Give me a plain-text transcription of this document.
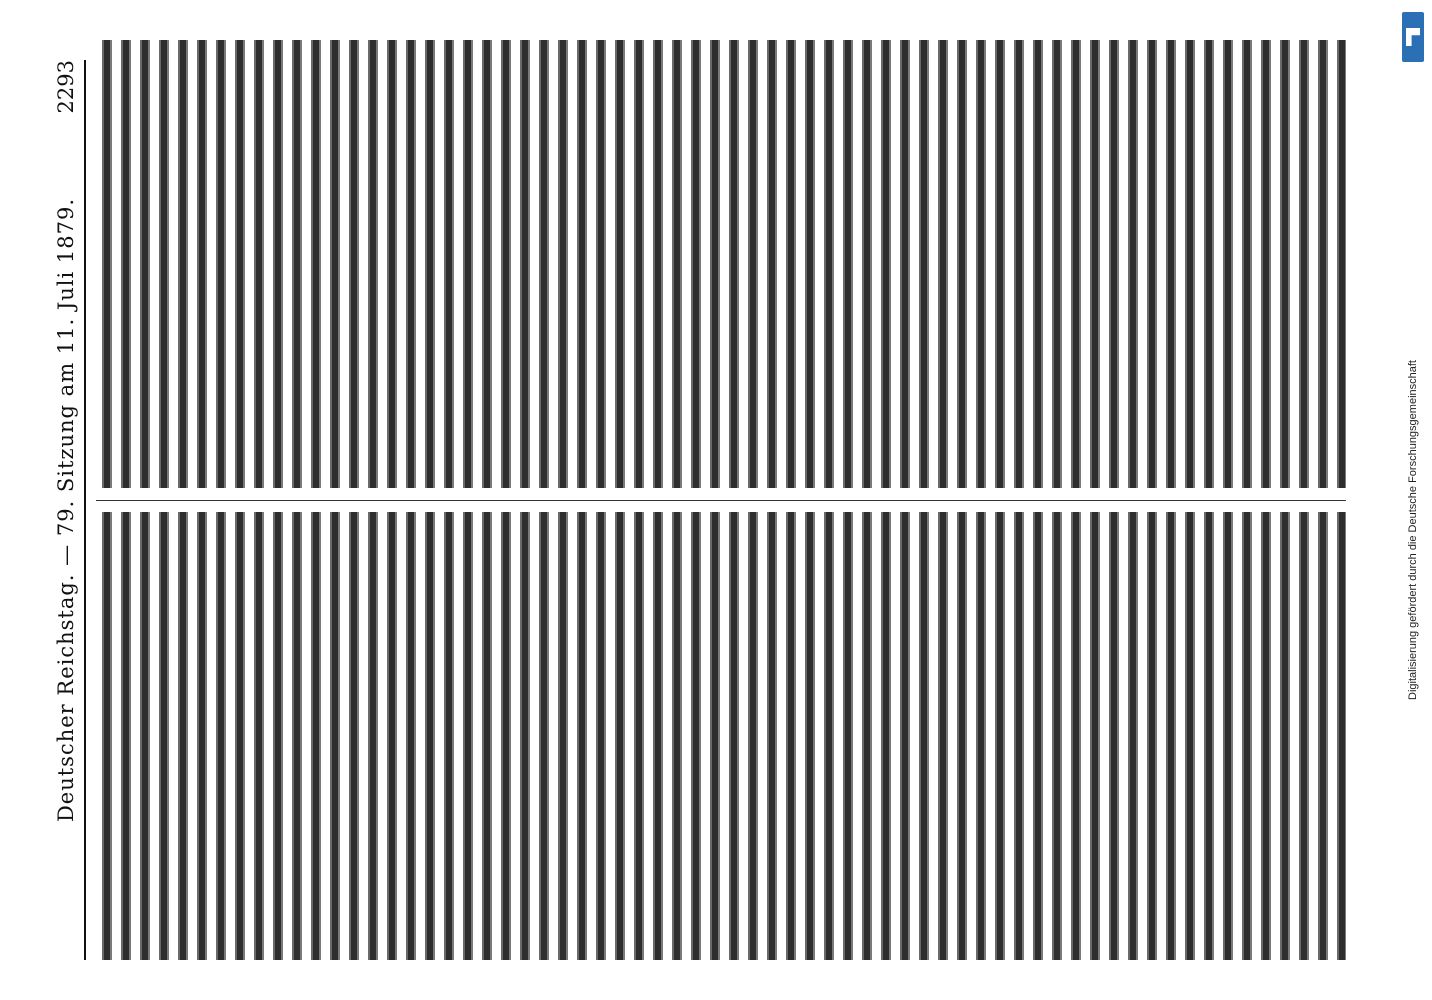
Deutscher Reichstag. — 79. Sitzung am 11. Juli 1879.
2293
Digitalisierung gefördert durch die Deutsche Forschungsgemeinschaft
